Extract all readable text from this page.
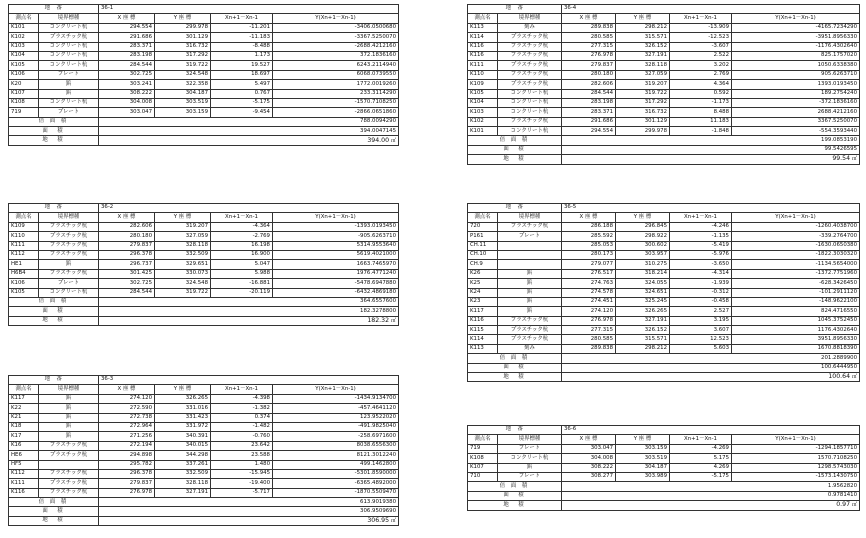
地　番		36-1			
測点名	境界標種	X 座 標	Y 座 標	Xn+1－Xn-1	Y(Xn+1－Xn-1)
K101	コンクリート杭	294.554	299.978	-11.201	-3406.0500680
K102	プラスチック杭	291.686	301.129	-11.183	-3367.5250070
K103	コンクリート杭	283.371	316.732	-8.488	-2688.4212160
K104	コンクリート杭	283.198	317.292	1.173	372.1836160
K105	コンクリート杭	284.544	319.722	19.527	6243.2114940
K106	プレート	302.725	324.548	18.697	6068.0739550
K20	鋲	303.241	322.358	5.497	1772.0019260
K107	鋲	308.222	304.187	0.767	233.3114290
K108	コンクリート杭	304.008	303.519	-5.175	-1570.7108250
719	プレート	303.047	303.159	-9.454	-2866.0651860
倍 面 積		788.0094290			
面　積		394.0047145			
地　積		394.00 ㎡			
地　番		36-2			
測点名	境界標種	X 座 標	Y 座 標	Xn+1－Xn-1	Y(Xn+1－Xn-1)
K109	プラスチック杭	282.606	319.207	-4.364	-1393.0193450
K110	プラスチック杭	280.180	327.059	-2.769	-905.6263710
K111	プラスチック杭	279.837	328.118	16.198	5314.9553640
K112	プラスチック杭	296.378	332.509	16.900	5619.4021000
HE1	鋲	296.737	329.651	5.047	1663.7465970
H6B4	プラスチック杭	301.425	330.073	5.988	1976.4771240
K106	プレート	302.725	324.548	-16.881	-5478.6947880
K105	コンクリート杭	284.544	319.722	-20.119	-6432.4869180
倍 面 積		364.6557600			
面　積		182.3278800			
地　積		182.32 ㎡			
地　番		36-3			
測点名	境界標種	X 座 標	Y 座 標	Xn+1－Xn-1	Y(Xn+1－Xn-1)
K117	鋲	274.120	326.265	-4.398	-1434.9134700
K22	鋲	272.590	331.016	-1.382	-457.4641120
K21	鋲	272.738	331.423	0.374	123.9522020
K18	鋲	272.964	331.972	-1.482	-491.9825040
K17	鋲	271.256	340.391	-0.760	-258.6971600
K16	プラスチック杭	272.194	340.015	23.642	8038.6556300
HE6	プラスチック杭	294.898	344.298	23.588	8121.3012240
HF5		295.782	337.261	1.480	499.1462800
K112	プラスチック杭	296.378	332.509	-15.945	-5301.8590000
K111	プラスチック杭	279.837	328.118	-19.400	-6365.4892000
K116	プラスチック杭	276.978	327.191	-5.717	-1870.5509470
倍 面 積		613.9019380			
面　積		306.9509690			
地　積		306.95 ㎡			
地　番		36-4			
測点名	境界標種	X 座 標	Y 座 標	Xn+1－Xn-1	Y(Xn+1－Xn-1)
K113	刻み	289.838	298.212	-13.909	-4165.7234290
K114	プラスチック杭	280.585	315.571	-12.523	-3951.8956330
K116	プラスチック杭	277.315	326.152	-3.607	-1176.4302640
K116	プラスチック杭	276.978	327.191	2.522	825.1757020
K111	プラスチック杭	279.837	328.118	3.202	1050.6338380
K110	プラスチック杭	280.180	327.059	2.769	905.6263710
K109	プラスチック杭	282.606	319.207	4.364	1393.0193450
K105	コンクリート杭	284.544	319.722	0.592	189.2754240
K104	コンクリート杭	283.198	317.292	-1.173	-372.1836160
K103	コンクリート杭	283.371	316.732	8.488	2688.4212160
K102	プラスチック杭	291.686	301.129	11.183	3367.5250070
K101	コンクリート杭	294.554	299.978	-1.848	-554.3593440
倍 面 積		199.0853190			
面　積		99.5426595			
地　積		99.54 ㎡			
地　番		36-5			
測点名	境界標種	X 座 標	Y 座 標	Xn+1－Xn-1	Y(Xn+1－Xn-1)
720	プラスチック杭	286.188	296.845	-4.246	-1260.4038700
P161	プレート	285.592	298.922	-1.135	-339.2764700
CH.11		285.053	300.602	-5.419	-1630.0650380
CH.10		280.173	303.957	-5.976	-1822.3030320
CH.9		279.077	310.275	-3.650	-1134.5654000
K26	鋲	276.517	318.214	-4.314	-1372.7751960
K25	鋲	274.763	324.055	-1.939	-628.3426450
K24	鋲	274.578	324.651	-0.312	-101.2911120
K23	鋲	274.451	325.245	-0.458	-148.9622100
K117	鋲	274.120	326.265	2.527	824.4716550
K116	プラスチック杭	276.978	327.191	3.195	1045.3752450
K115	プラスチック杭	277.315	326.152	3.607	1176.4302640
K114	プラスチック杭	280.585	315.571	12.523	3951.8956330
K113	刻み	289.838	298.212	5.603	1670.8818390
倍 面 積		201.2889900			
面　積		100.6444950			
地　積		100.64 ㎡			
地　番		36-6			
測点名	境界標種	X 座 標	Y 座 標	Xn+1－Xn-1	Y(Xn+1－Xn-1)
719	プレート	303.047	303.159	-4.269	-1294.1857710
K108	コンクリート杭	304.008	303.519	5.175	1570.7108250
K107	鋲	308.222	304.187	4.269	1298.5743030
710	プレート	308.277	303.989	-5.175	-1573.1430750
倍 面 積		1.9562820			
面　積		0.9781410			
地　積		0.97 ㎡			
